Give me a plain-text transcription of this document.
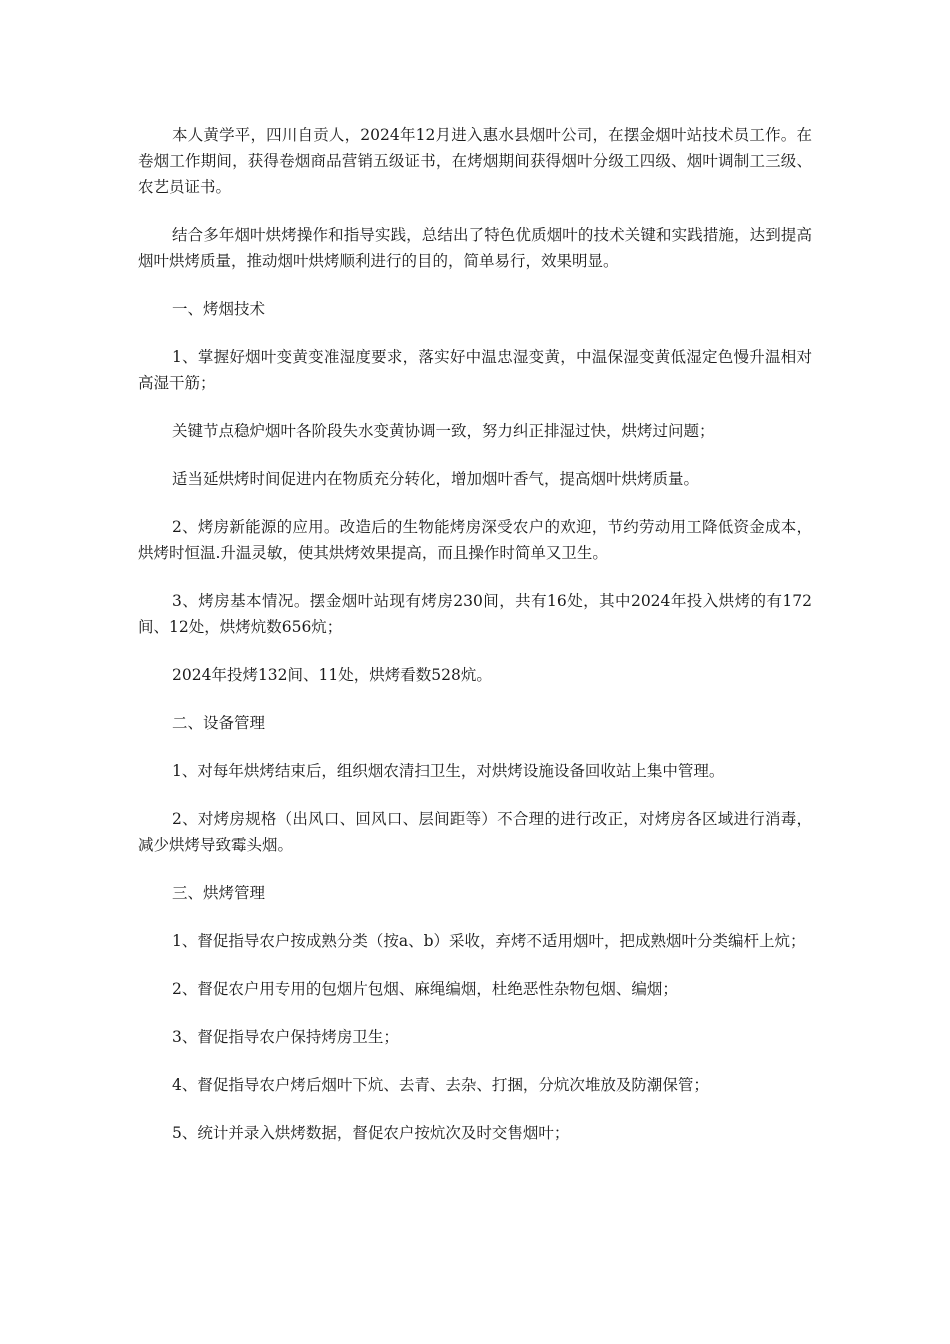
本人黄学平，四川自贡人，2024年12月进入惠水县烟叶公司，在摆金烟叶站技术员工作。在卷烟工作期间，获得卷烟商品营销五级证书，在烤烟期间获得烟叶分级工四级、烟叶调制工三级、农艺员证书。

结合多年烟叶烘烤操作和指导实践，总结出了特色优质烟叶的技术关键和实践措施，达到提高烟叶烘烤质量，推动烟叶烘烤顺利进行的目的，简单易行，效果明显。

一、烤烟技术

1、掌握好烟叶变黄变准湿度要求，落实好中温忠湿变黄，中温保湿变黄低湿定色慢升温相对高湿干筋；

关键节点稳炉烟叶各阶段失水变黄协调一致，努力纠正排湿过快，烘烤过问题；

适当延烘烤时间促进内在物质充分转化，增加烟叶香气，提高烟叶烘烤质量。

2、烤房新能源的应用。改造后的生物能烤房深受农户的欢迎，节约劳动用工降低资金成本，烘烤时恒温.升温灵敏，使其烘烤效果提高，而且操作时简单又卫生。

3、烤房基本情况。摆金烟叶站现有烤房230间，共有16处，其中2024年投入烘烤的有172间、12处，烘烤炕数656炕；

2024年投烤132间、11处，烘烤看数528炕。

二、设备管理

1、对每年烘烤结束后，组织烟农清扫卫生，对烘烤设施设备回收站上集中管理。

2、对烤房规格（出风口、回风口、层间距等）不合理的进行改正，对烤房各区域进行消毒，减少烘烤导致霉头烟。

三、烘烤管理

1、督促指导农户按成熟分类（按a、b）采收，弃烤不适用烟叶，把成熟烟叶分类编杆上炕；

2、督促农户用专用的包烟片包烟、麻绳编烟，杜绝恶性杂物包烟、编烟；

3、督促指导农户保持烤房卫生；

4、督促指导农户烤后烟叶下炕、去青、去杂、打捆，分炕次堆放及防潮保管；

5、统计并录入烘烤数据，督促农户按炕次及时交售烟叶；
